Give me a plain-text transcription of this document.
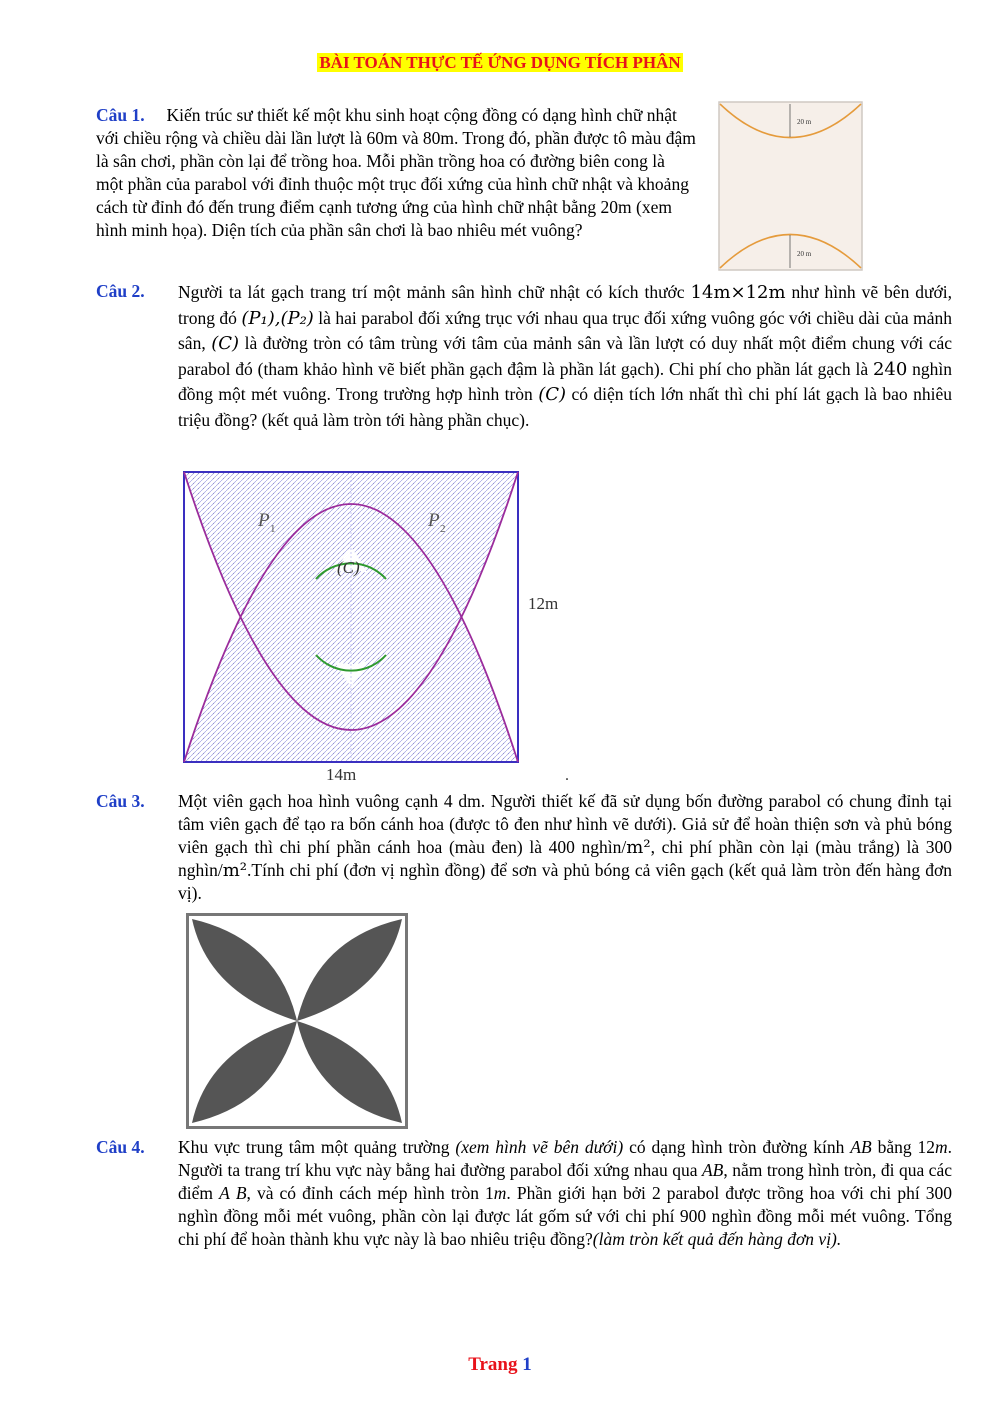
BÀI TOÁN THỰC TẾ ỨNG DỤNG TÍCH PHÂN
Câu 1. Kiến trúc sư thiết kế một khu sinh hoạt cộng đồng có dạng hình chữ nhật với chiều rộng và chiều dài lần lượt là 60m và 80m. Trong đó, phần được tô màu đậm là sân chơi, phần còn lại để trồng hoa. Mỗi phần trồng hoa có đường biên cong là một phần của parabol với đỉnh thuộc một trục đối xứng của hình chữ nhật và khoảng cách từ đỉnh đó đến trung điểm cạnh tương ứng của hình chữ nhật bằng 20m (xem hình minh họa). Diện tích của phần sân chơi là bao nhiêu mét vuông?
20 m
20 m
Câu 2. Người ta lát gạch trang trí một mảnh sân hình chữ nhật có kích thước 14m×12m như hình vẽ bên dưới, trong đó (P₁),(P₂) là hai parabol đối xứng trục với nhau qua trục đối xứng vuông góc với chiều dài của mảnh sân, (C) là đường tròn có tâm trùng với tâm của mảnh sân và lần lượt có duy nhất một điểm chung với các parabol đó (tham khảo hình vẽ biết phần gạch đậm là phần lát gạch). Chi phí cho phần lát gạch là 240 nghìn đồng một mét vuông. Trong trường hợp hình tròn (C) có diện tích lớn nhất thì chi phí lát gạch là bao nhiêu triệu đồng? (kết quả làm tròn tới hàng phần chục).
P 1	P 2
(C)
12m
14m	.
Câu 3. Một viên gạch hoa hình vuông cạnh 4 dm. Người thiết kế đã sử dụng bốn đường parabol có chung đỉnh tại tâm viên gạch để tạo ra bốn cánh hoa (được tô đen như hình vẽ dưới). Giả sử để hoàn thiện sơn và phủ bóng viên gạch thì chi phí phần cánh hoa (màu đen) là 400 nghìn/m², chi phí phần còn lại (màu trắng) là 300 nghìn/m².Tính chi phí (đơn vị nghìn đồng) để sơn và phủ bóng cả viên gạch (kết quả làm tròn đến hàng đơn vị).
Câu 4. Khu vực trung tâm một quảng trường (xem hình vẽ bên dưới) có dạng hình tròn đường kính AB bằng 12m. Người ta trang trí khu vực này bằng hai đường parabol đối xứng nhau qua AB, nằm trong hình tròn, đi qua các điểm A B, và có đỉnh cách mép hình tròn 1m. Phần giới hạn bởi 2 parabol được trồng hoa với chi phí 300 nghìn đồng mỗi mét vuông, phần còn lại được lát gốm sứ với chi phí 900 nghìn đồng mỗi mét vuông. Tổng chi phí để hoàn thành khu vực này là bao nhiêu triệu đồng?(làm tròn kết quả đến hàng đơn vị).
Trang 1
